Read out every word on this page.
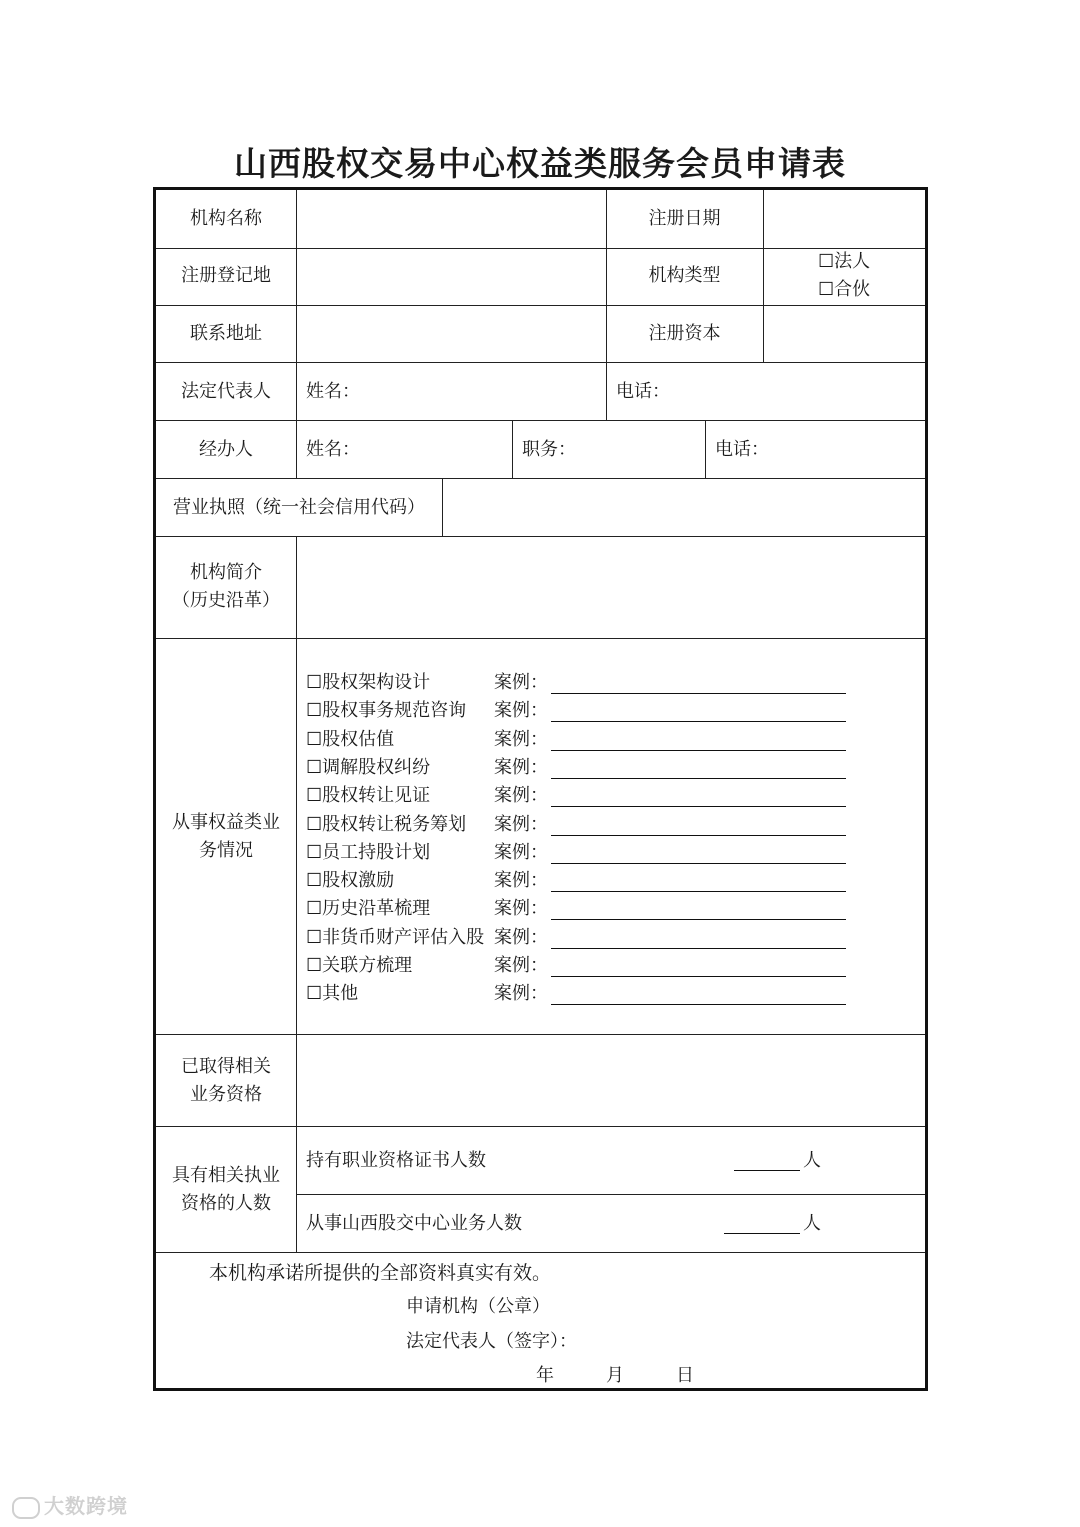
山西股权交易中心权益类服务会员申请表
机构名称	注册日期
注册登记地	机构类型
☐法人
☐合伙
联系地址	注册资本
法定代表人	姓名：	电话：
经办人	姓名：	职务：	电话：
营业执照（统一社会信用代码）
机构简介
（历史沿革）
从事权益类业
务情况
☐股权架构设计	案例：
☐股权事务规范咨询 案例：
☐股权估值	案例：
☐调解股权纠纷	案例：
☐股权转让见证	案例：
☐股权转让税务筹划 案例：
☐员工持股计划	案例：
☐股权激励	案例：
☐历史沿革梳理	案例：
☐非货币财产评估入股 案例：
☐关联方梳理	案例：
☐其他	案例：
已取得相关
业务资格
具有相关执业
资格的人数
持有职业资格证书人数	人
从事山西股交中心业务人数	人
本机构承诺所提供的全部资料真实有效。
申请机构（公章）
法定代表人（签字）：
年	月	日
大数跨境
